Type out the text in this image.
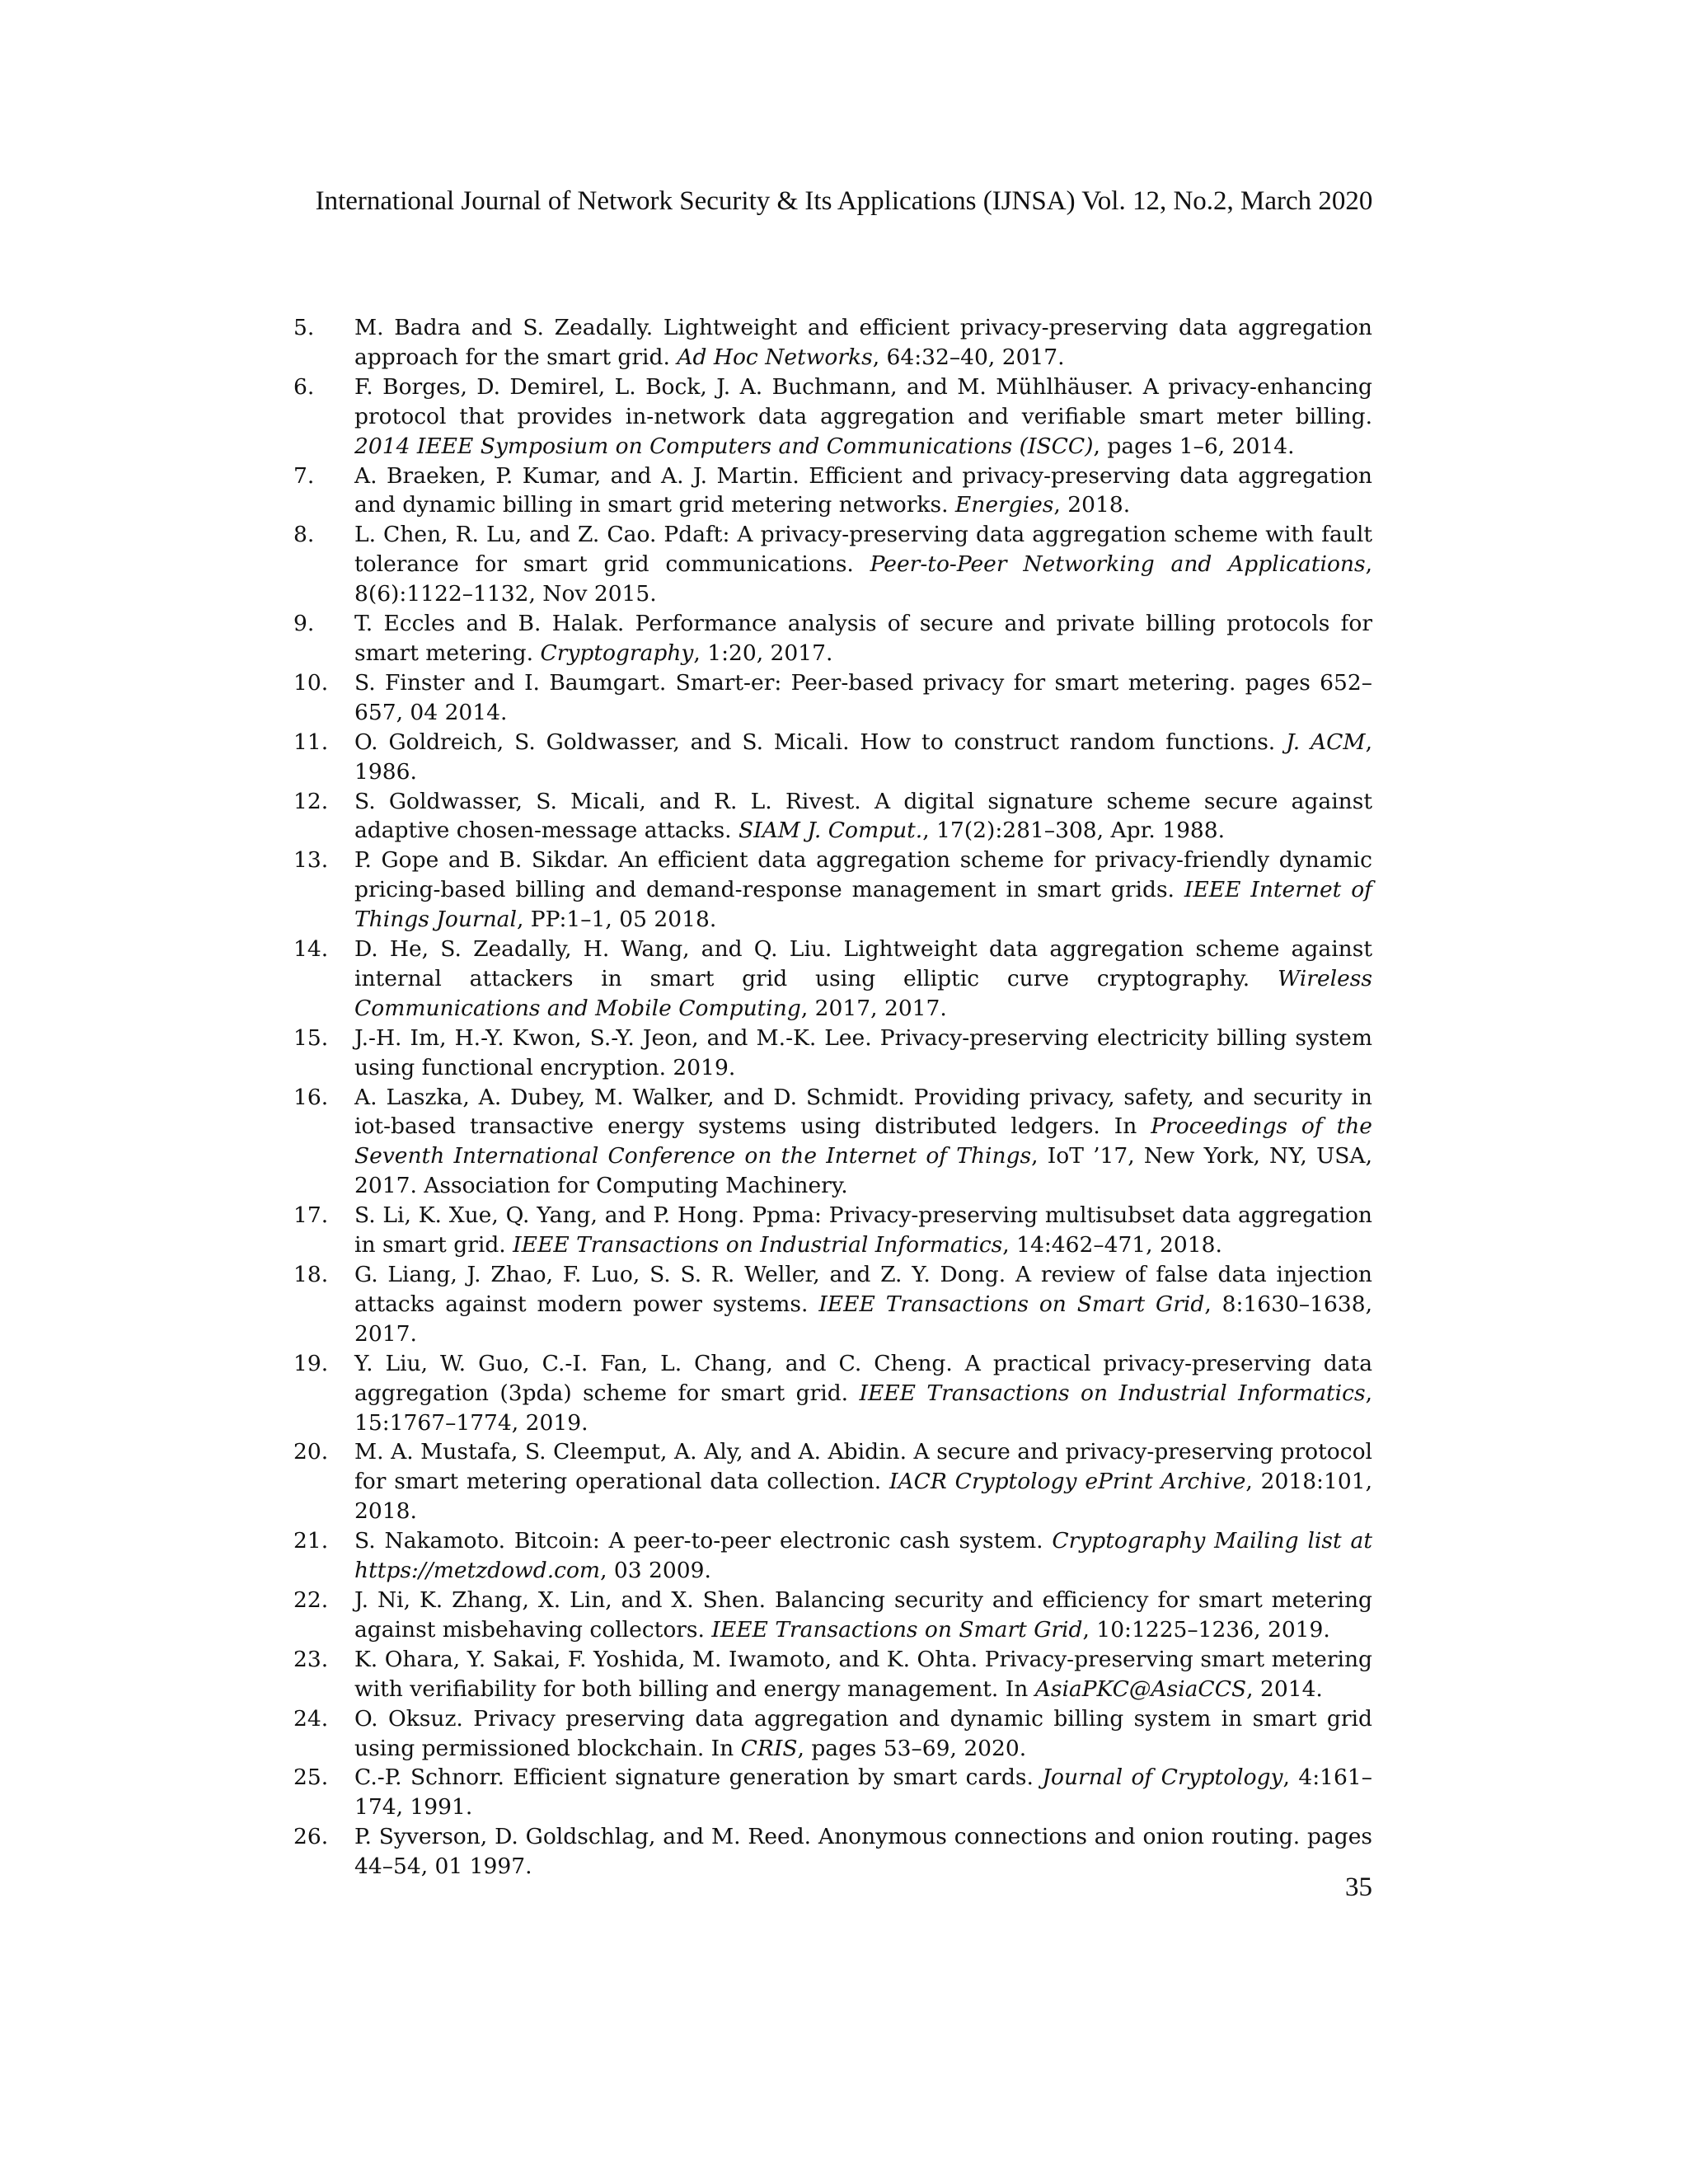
International Journal of Network Security & Its Applications (IJNSA) Vol. 12, No.2, March 2020
5.	M. Badra and S. Zeadally. Lightweight and efficient privacy-preserving data aggregation approach for the smart grid. Ad Hoc Networks, 64:32–40, 2017.
6.	F. Borges, D. Demirel, L. Bock, J. A. Buchmann, and M. Mühlhäuser. A privacy-enhancing protocol that provides in-network data aggregation and verifiable smart meter billing. 2014 IEEE Symposium on Computers and Communications (ISCC), pages 1–6, 2014.
7.	A. Braeken, P. Kumar, and A. J. Martin. Efficient and privacy-preserving data aggregation and dynamic billing in smart grid metering networks. Energies, 2018.
8.	L. Chen, R. Lu, and Z. Cao. Pdaft: A privacy-preserving data aggregation scheme with fault tolerance for smart grid communications. Peer-to-Peer Networking and Applications, 8(6):1122–1132, Nov 2015.
9.	T. Eccles and B. Halak. Performance analysis of secure and private billing protocols for smart metering. Cryptography, 1:20, 2017.
10.	S. Finster and I. Baumgart. Smart-er: Peer-based privacy for smart metering. pages 652–657, 04 2014.
11.	O. Goldreich, S. Goldwasser, and S. Micali. How to construct random functions. J. ACM, 1986.
12.	S. Goldwasser, S. Micali, and R. L. Rivest. A digital signature scheme secure against adaptive chosen-message attacks. SIAM J. Comput., 17(2):281–308, Apr. 1988.
13.	P. Gope and B. Sikdar. An efficient data aggregation scheme for privacy-friendly dynamic pricing-based billing and demand-response management in smart grids. IEEE Internet of Things Journal, PP:1–1, 05 2018.
14.	D. He, S. Zeadally, H. Wang, and Q. Liu. Lightweight data aggregation scheme against internal attackers in smart grid using elliptic curve cryptography. Wireless Communications and Mobile Computing, 2017, 2017.
15.	J.-H. Im, H.-Y. Kwon, S.-Y. Jeon, and M.-K. Lee. Privacy-preserving electricity billing system using functional encryption. 2019.
16.	A. Laszka, A. Dubey, M. Walker, and D. Schmidt. Providing privacy, safety, and security in iot-based transactive energy systems using distributed ledgers. In Proceedings of the Seventh International Conference on the Internet of Things, IoT ’17, New York, NY, USA, 2017. Association for Computing Machinery.
17.	S. Li, K. Xue, Q. Yang, and P. Hong. Ppma: Privacy-preserving multisubset data aggregation in smart grid. IEEE Transactions on Industrial Informatics, 14:462–471, 2018.
18.	G. Liang, J. Zhao, F. Luo, S. S. R. Weller, and Z. Y. Dong. A review of false data injection attacks against modern power systems. IEEE Transactions on Smart Grid, 8:1630–1638, 2017.
19.	Y. Liu, W. Guo, C.-I. Fan, L. Chang, and C. Cheng. A practical privacy-preserving data aggregation (3pda) scheme for smart grid. IEEE Transactions on Industrial Informatics, 15:1767–1774, 2019.
20.	M. A. Mustafa, S. Cleemput, A. Aly, and A. Abidin. A secure and privacy-preserving protocol for smart metering operational data collection. IACR Cryptology ePrint Archive, 2018:101, 2018.
21.	S. Nakamoto. Bitcoin: A peer-to-peer electronic cash system. Cryptography Mailing list at https://metzdowd.com, 03 2009.
22.	J. Ni, K. Zhang, X. Lin, and X. Shen. Balancing security and efficiency for smart metering against misbehaving collectors. IEEE Transactions on Smart Grid, 10:1225–1236, 2019.
23.	K. Ohara, Y. Sakai, F. Yoshida, M. Iwamoto, and K. Ohta. Privacy-preserving smart metering with verifiability for both billing and energy management. In AsiaPKC@AsiaCCS, 2014.
24.	O. Oksuz. Privacy preserving data aggregation and dynamic billing system in smart grid using permissioned blockchain. In CRIS, pages 53–69, 2020.
25.	C.-P. Schnorr. Efficient signature generation by smart cards. Journal of Cryptology, 4:161–174, 1991.
26.	P. Syverson, D. Goldschlag, and M. Reed. Anonymous connections and onion routing. pages 44–54, 01 1997.
35
